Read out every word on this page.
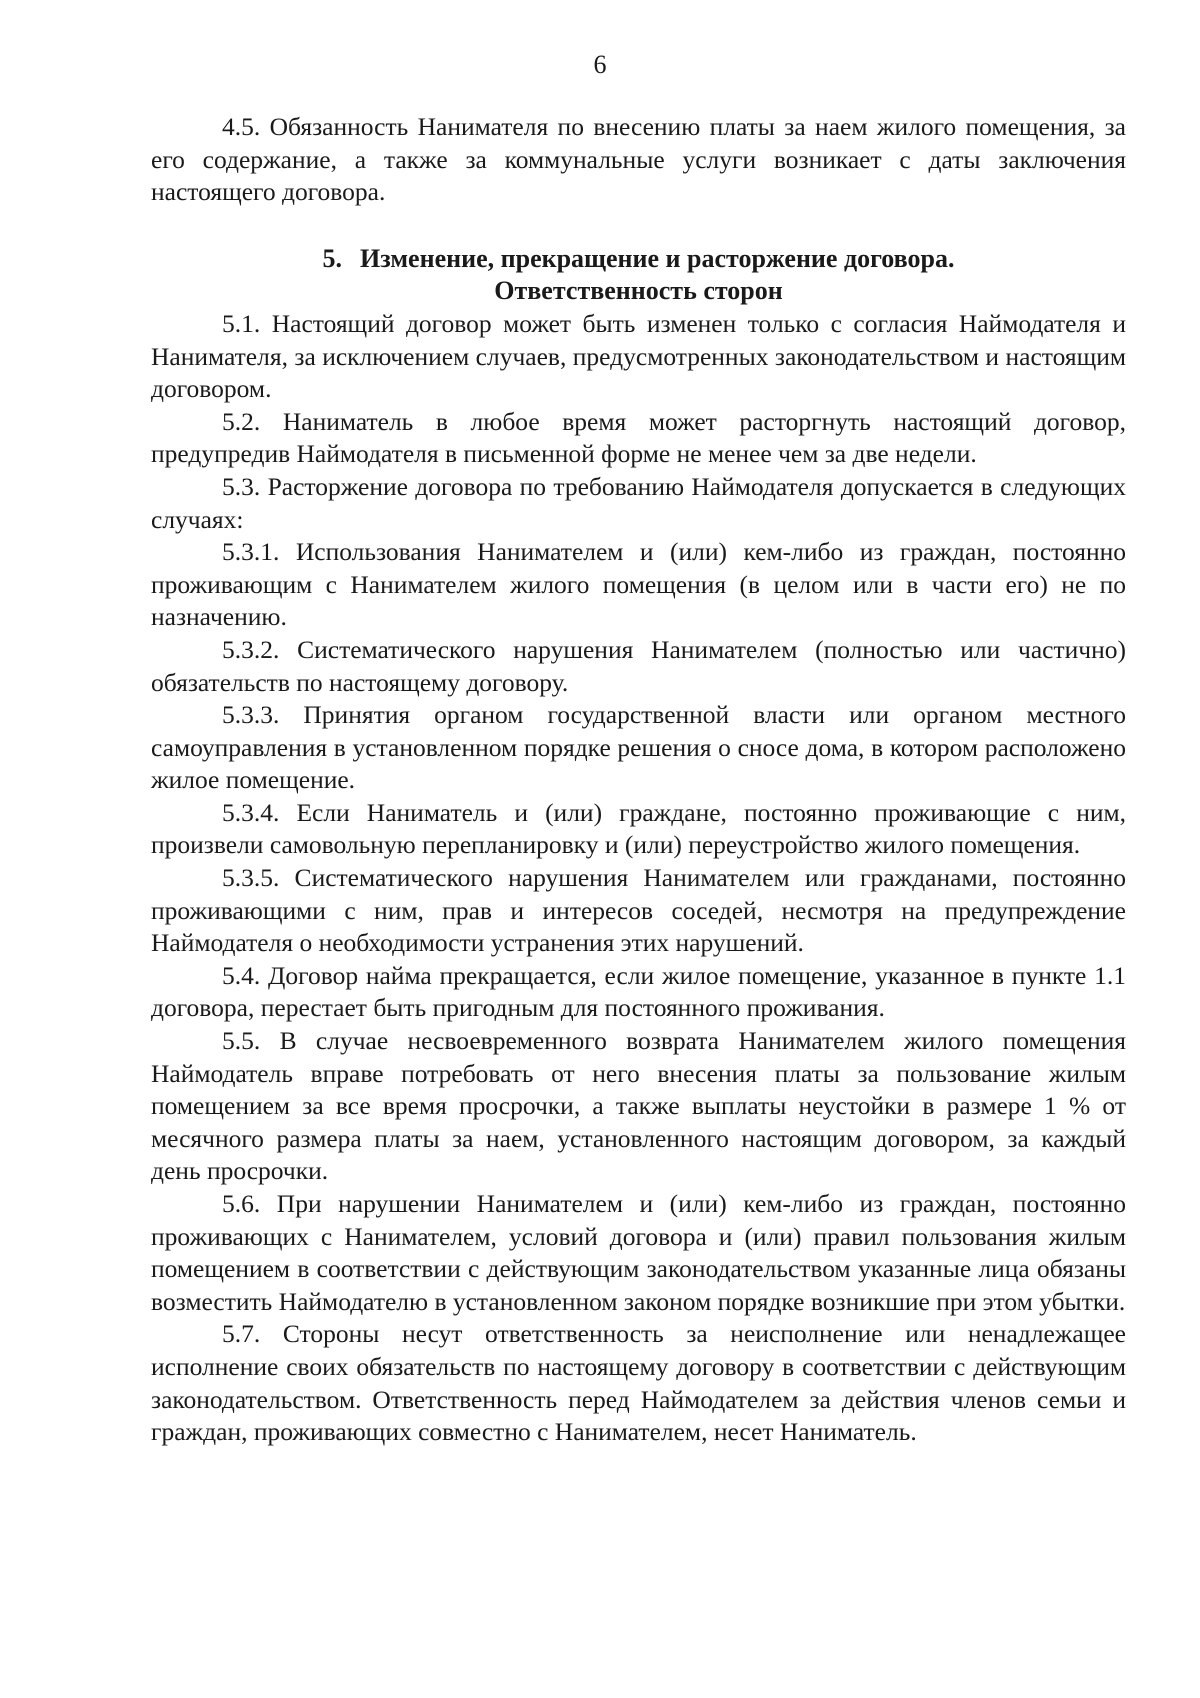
6

4.5. Обязанность Нанимателя по внесению платы за наем жилого помещения, за его содержание, а также за коммунальные услуги возникает с даты заключения настоящего договора.

5. Изменение, прекращение и расторжение договора.
Ответственность сторон

5.1. Настоящий договор может быть изменен только с согласия Наймодателя и Нанимателя, за исключением случаев, предусмотренных законодательством и настоящим договором.

5.2. Наниматель в любое время может расторгнуть настоящий договор, предупредив Наймодателя в письменной форме не менее чем за две недели.

5.3. Расторжение договора по требованию Наймодателя допускается в следующих случаях:

5.3.1. Использования Нанимателем и (или) кем-либо из граждан, постоянно проживающим с Нанимателем жилого помещения (в целом или в части его) не по назначению.

5.3.2. Систематического нарушения Нанимателем (полностью или частично) обязательств по настоящему договору.

5.3.3. Принятия органом государственной власти или органом местного самоуправления в установленном порядке решения о сносе дома, в котором расположено жилое помещение.

5.3.4. Если Наниматель и (или) граждане, постоянно проживающие с ним, произвели самовольную перепланировку и (или) переустройство жилого помещения.

5.3.5. Систематического нарушения Нанимателем или гражданами, постоянно проживающими с ним, прав и интересов соседей, несмотря на предупреждение Наймодателя о необходимости устранения этих нарушений.

5.4. Договор найма прекращается, если жилое помещение, указанное в пункте 1.1 договора, перестает быть пригодным для постоянного проживания.

5.5. В случае несвоевременного возврата Нанимателем жилого помещения Наймодатель вправе потребовать от него внесения платы за пользование жилым помещением за все время просрочки, а также выплаты неустойки в размере 1 % от месячного размера платы за наем, установленного настоящим договором, за каждый день просрочки.

5.6. При нарушении Нанимателем и (или) кем-либо из граждан, постоянно проживающих с Нанимателем, условий договора и (или) правил пользования жилым помещением в соответствии с действующим законодательством указанные лица обязаны возместить Наймодателю в установленном законом порядке возникшие при этом убытки.

5.7. Стороны несут ответственность за неисполнение или ненадлежащее исполнение своих обязательств по настоящему договору в соответствии с действующим законодательством. Ответственность перед Наймодателем за действия членов семьи и граждан, проживающих совместно с Нанимателем, несет Наниматель.
